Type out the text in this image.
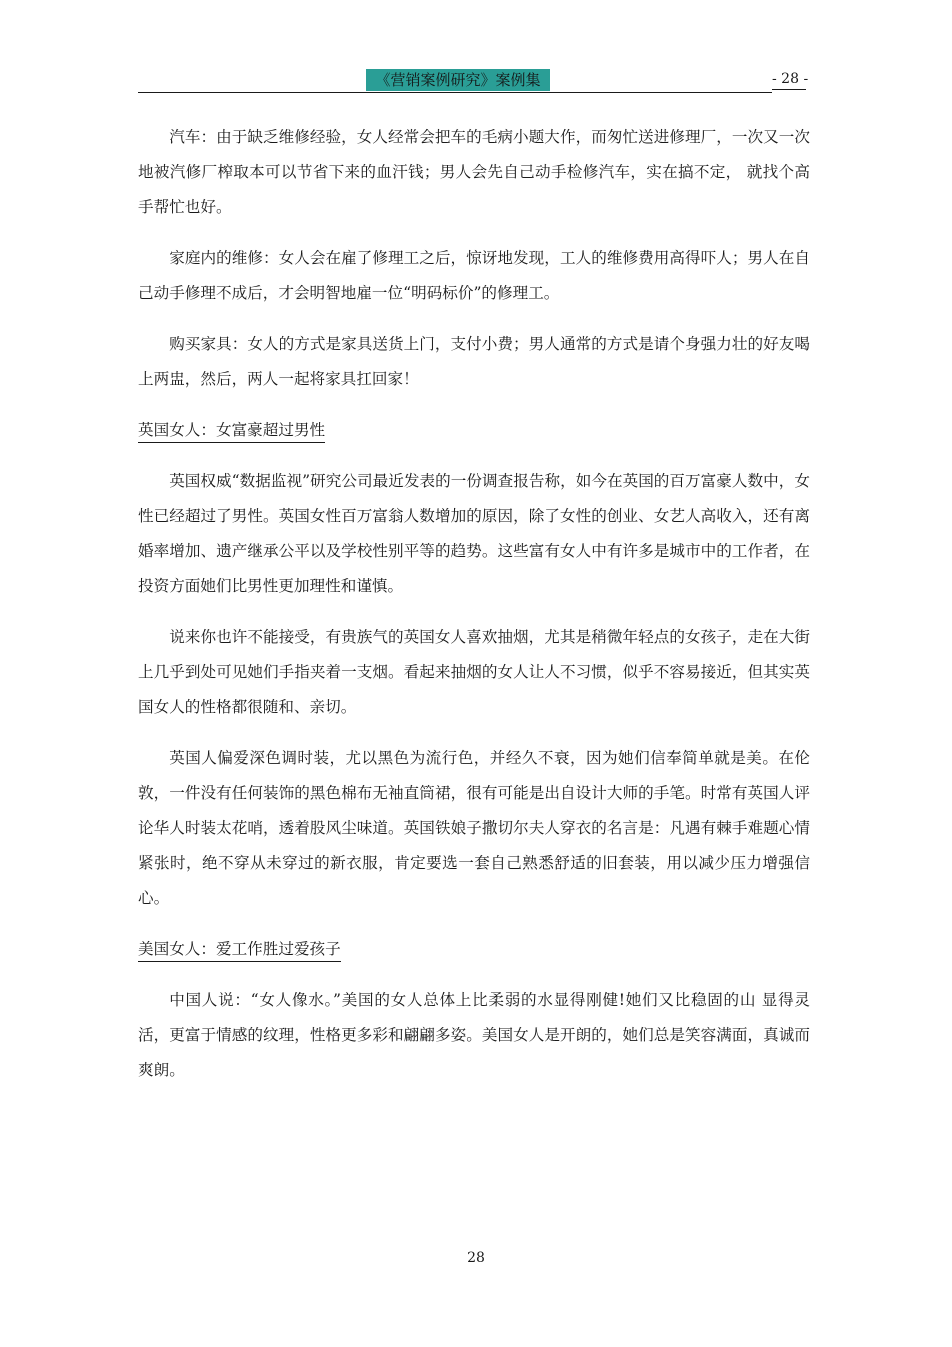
《营销案例研究》案例集	- 28 -

汽车：由于缺乏维修经验，女人经常会把车的毛病小题大作，而匆忙送进修理厂，一次又一次地被汽修厂榨取本可以节省下来的血汗钱；男人会先自己动手检修汽车，实在搞不定， 就找个高手帮忙也好。

家庭内的维修：女人会在雇了修理工之后，惊讶地发现，工人的维修费用高得吓人；男人在自己动手修理不成后，才会明智地雇一位“明码标价”的修理工。

购买家具：女人的方式是家具送货上门，支付小费；男人通常的方式是请个身强力壮的好友喝上两盅，然后，两人一起将家具扛回家！

英国女人：女富豪超过男性

英国权威“数据监视”研究公司最近发表的一份调查报告称，如今在英国的百万富豪人数中，女性已经超过了男性。英国女性百万富翁人数增加的原因，除了女性的创业、女艺人高收入，还有离婚率增加、遗产继承公平以及学校性别平等的趋势。这些富有女人中有许多是城市中的工作者，在投资方面她们比男性更加理性和谨慎。

说来你也许不能接受，有贵族气的英国女人喜欢抽烟，尤其是稍微年轻点的女孩子，走在大街上几乎到处可见她们手指夹着一支烟。看起来抽烟的女人让人不习惯，似乎不容易接近，但其实英国女人的性格都很随和、亲切。

英国人偏爱深色调时装，尤以黑色为流行色，并经久不衰，因为她们信奉简单就是美。在伦敦，一件没有任何装饰的黑色棉布无袖直筒裙，很有可能是出自设计大师的手笔。时常有英国人评论华人时装太花哨，透着股风尘味道。英国铁娘子撒切尔夫人穿衣的名言是：凡遇有棘手难题心情紧张时，绝不穿从未穿过的新衣服，肯定要选一套自己熟悉舒适的旧套装，用以减少压力增强信心。

美国女人：爱工作胜过爱孩子

中国人说：“女人像水。”美国的女人总体上比柔弱的水显得刚健!她们又比稳固的山 显得灵活，更富于情感的纹理，性格更多彩和翩翩多姿。美国女人是开朗的，她们总是笑容满面，真诚而爽朗。

28
